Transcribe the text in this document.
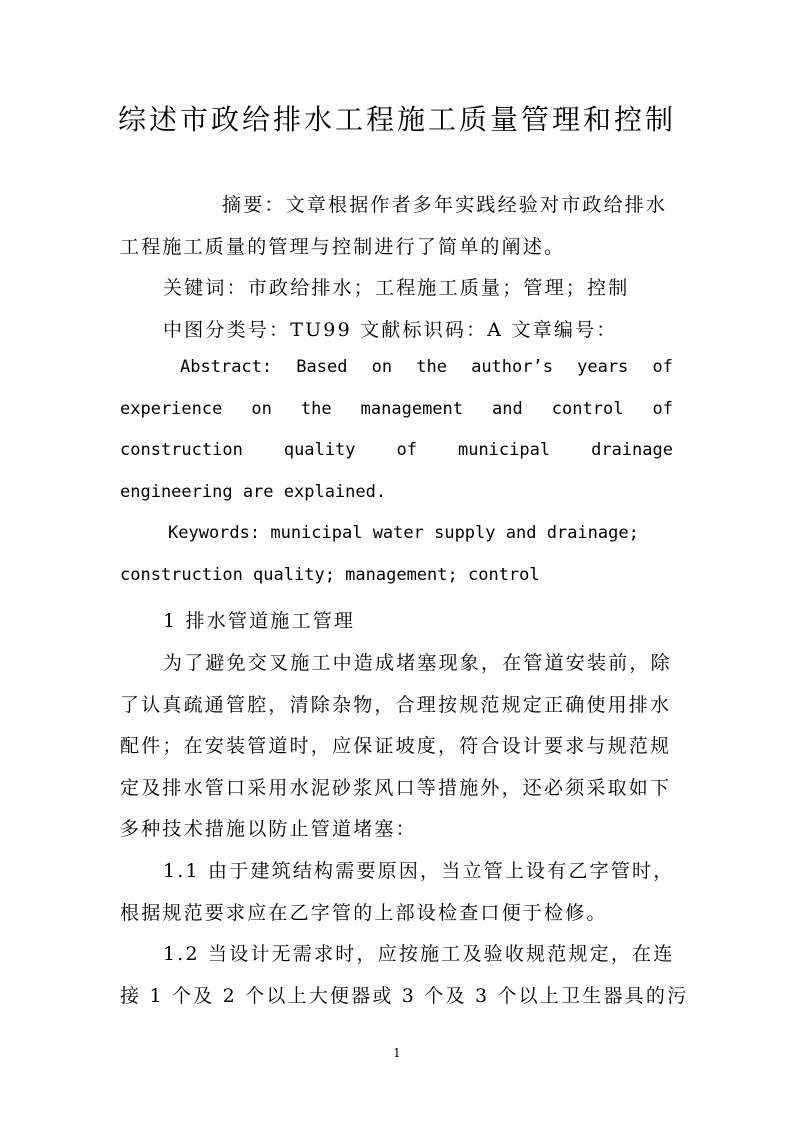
综述市政给排水工程施工质量管理和控制
摘要：文章根据作者多年实践经验对市政给排水
工程施工质量的管理与控制进行了简单的阐述。
关键词：市政给排水；工程施工质量；管理；控制
中图分类号：TU99 文献标识码：A 文章编号：
Abstract: Based on the author’s years of
experience on the management and control of
construction quality of municipal drainage
engineering are explained.
Keywords: municipal water supply and drainage;
construction quality; management; control
1 排水管道施工管理
为了避免交叉施工中造成堵塞现象，在管道安装前，除
了认真疏通管腔，清除杂物，合理按规范规定正确使用排水
配件；在安装管道时，应保证坡度，符合设计要求与规范规
定及排水管口采用水泥砂浆风口等措施外，还必须采取如下
多种技术措施以防止管道堵塞：
1.1 由于建筑结构需要原因，当立管上设有乙字管时，
根据规范要求应在乙字管的上部设检查口便于检修。
1.2 当设计无需求时，应按施工及验收规范规定，在连
接 1 个及 2 个以上大便器或 3 个及 3 个以上卫生器具的污
1
